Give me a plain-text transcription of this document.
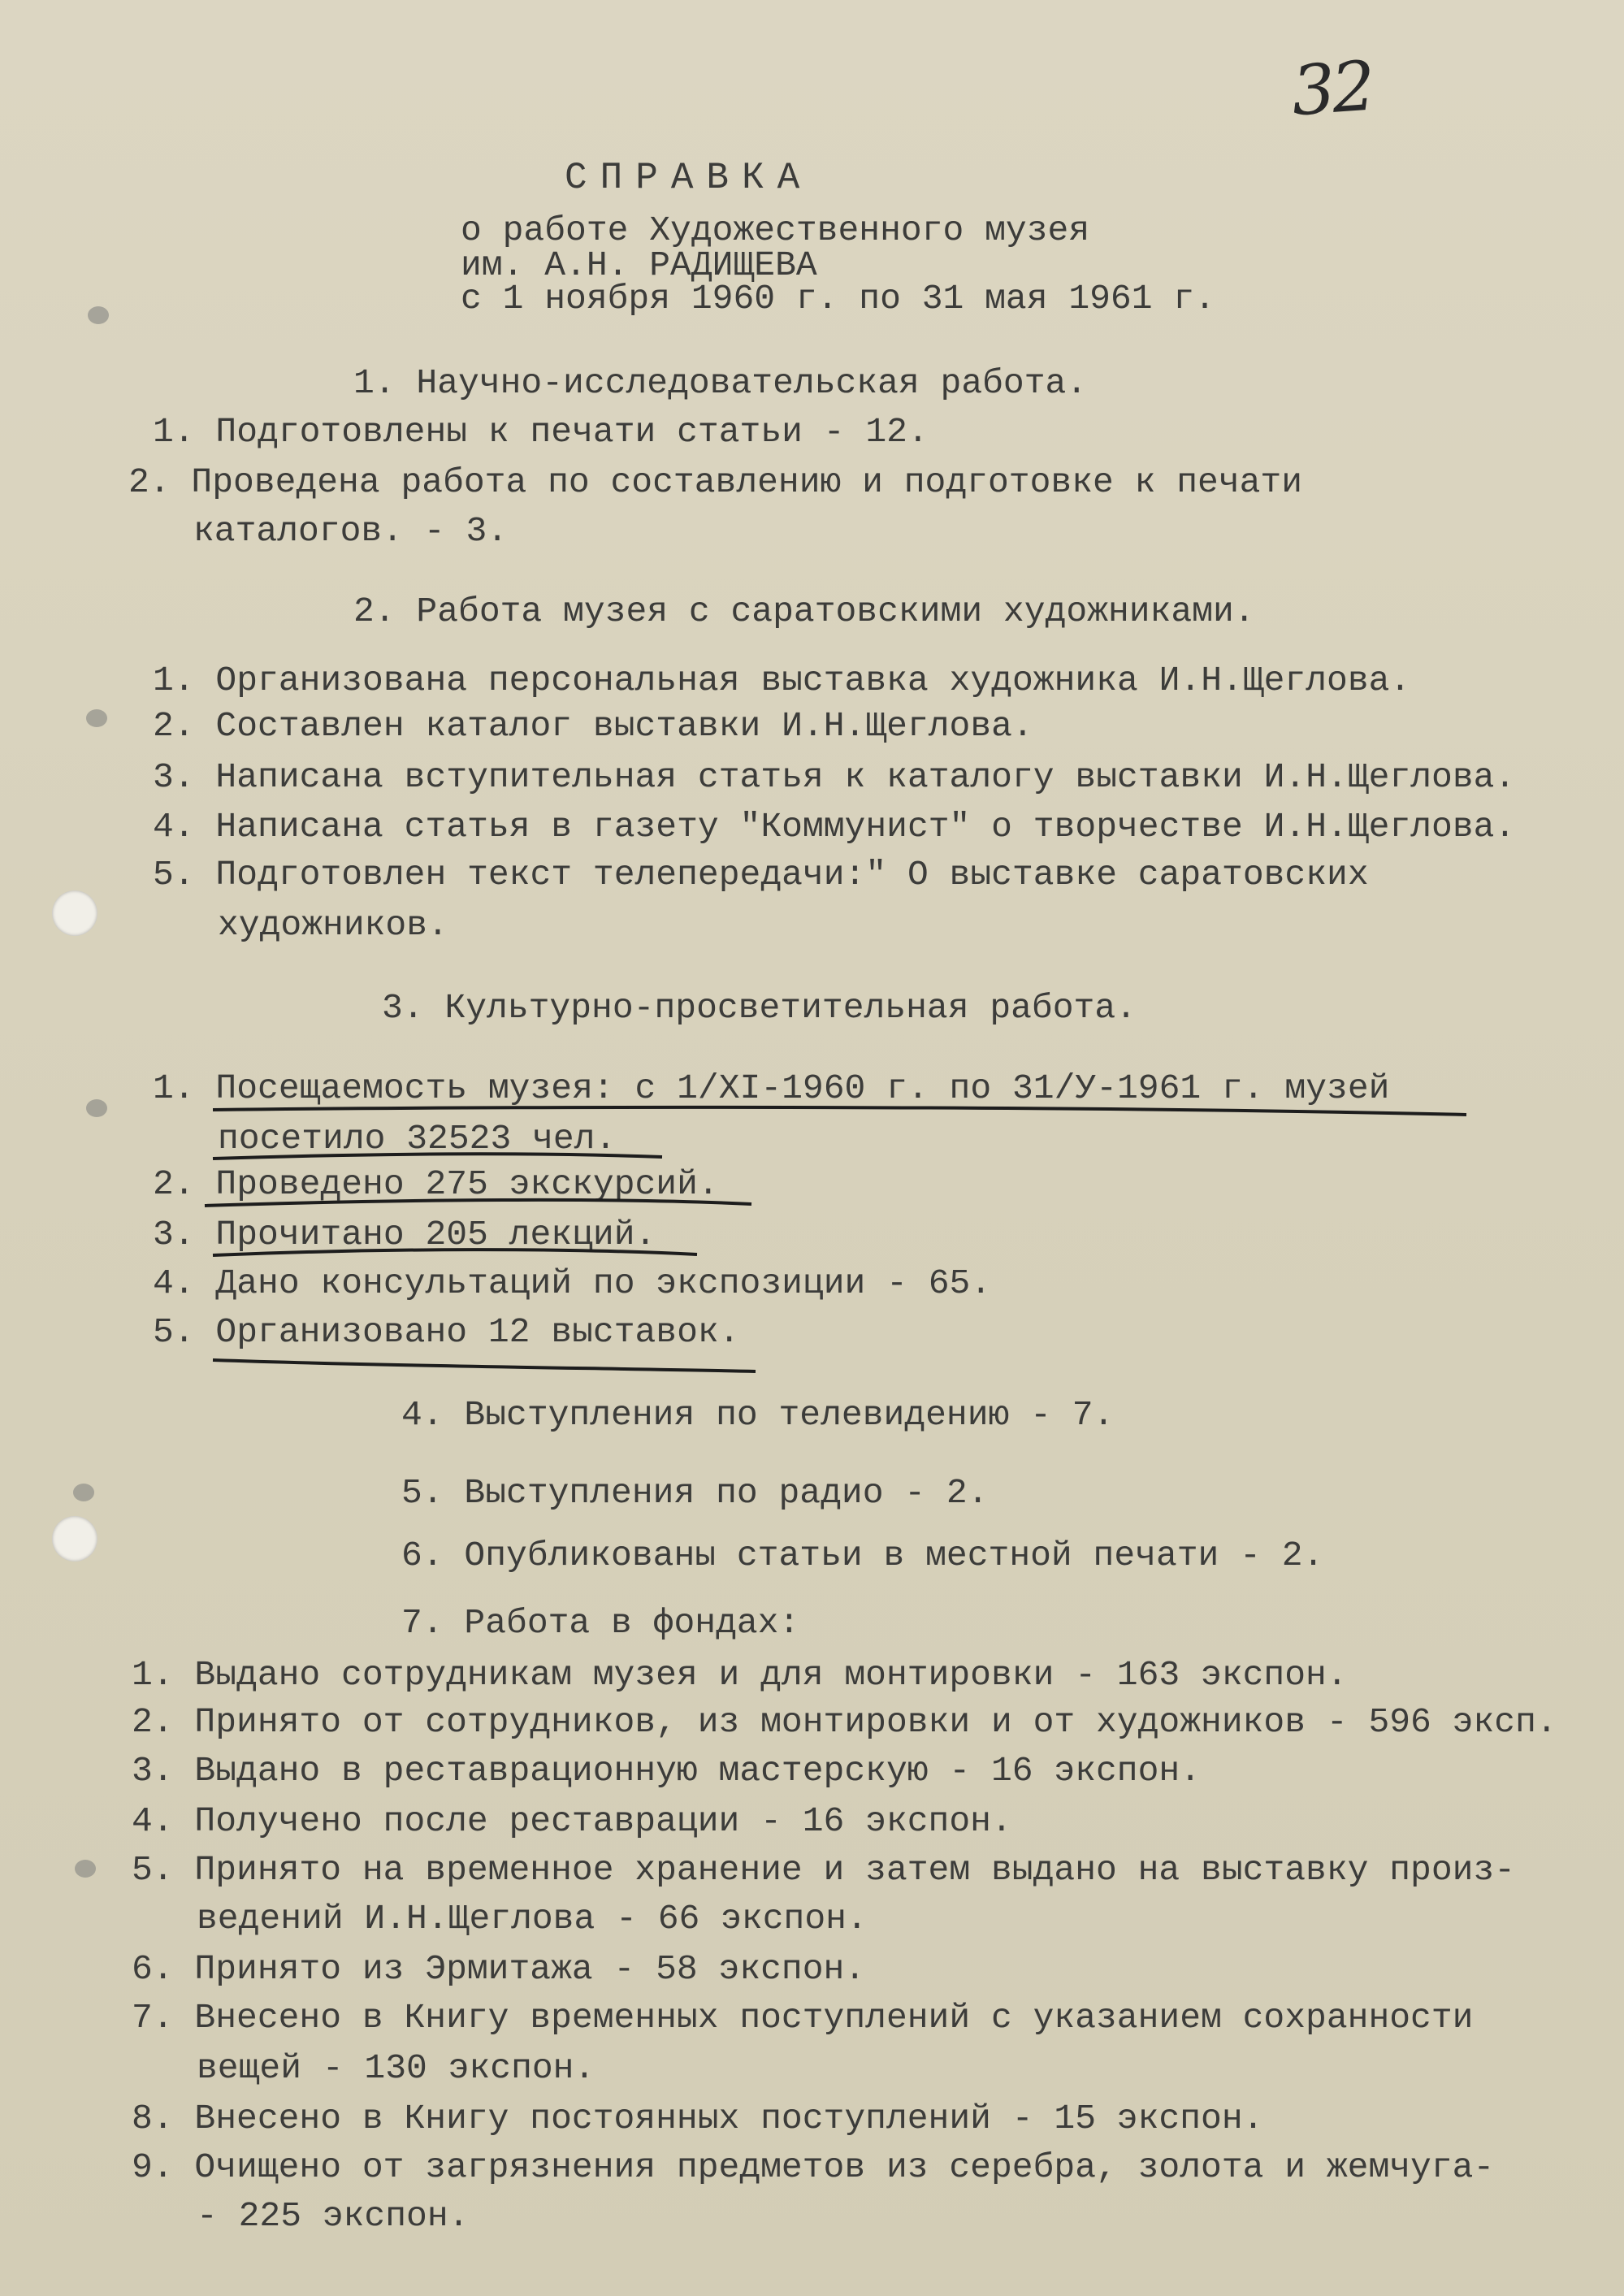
32
СПРАВКА
о работе Художественного музея
им. А.Н. РАДИЩЕВА
с 1 ноября 1960 г. по 31 мая 1961 г.
1. Научно-исследовательская работа.
1. Подготовлены к печати статьи - 12.
2. Проведена работа по составлению и подготовке к печати
каталогов. - 3.
2. Работа музея с саратовскими художниками.
1. Организована персональная выставка художника И.Н.Щеглова.
2. Составлен каталог выставки И.Н.Щеглова.
3. Написана вступительная статья к каталогу выставки И.Н.Щеглова.
4. Написана статья в газету "Коммунист" о творчестве И.Н.Щеглова.
5. Подготовлен текст телепередачи:" О выставке саратовских
художников.
3. Культурно-просветительная работа.
1. Посещаемость музея: с 1/XI-1960 г. по 31/У-1961 г. музей
посетило 32523 чел.
2. Проведено 275 экскурсий.
3. Прочитано 205 лекций.
4. Дано консультаций по экспозиции - 65.
5. Организовано 12 выставок.
4. Выступления по телевидению - 7.
5. Выступления по радио - 2.
6. Опубликованы статьи в местной печати - 2.
7. Работа в фондах:
1. Выдано сотрудникам музея и для монтировки - 163 экспон.
2. Принято от сотрудников, из монтировки и от художников - 596 эксп.
3. Выдано в реставрационную мастерскую - 16 экспон.
4. Получено после реставрации - 16 экспон.
5. Принято на временное хранение и затем выдано на выставку произ-
ведений И.Н.Щеглова - 66 экспон.
6. Принято из Эрмитажа - 58 экспон.
7. Внесено в Книгу временных поступлений с указанием сохранности
вещей - 130 экспон.
8. Внесено в Книгу постоянных поступлений - 15 экспон.
9. Очищено от загрязнения предметов из серебра, золота и жемчуга-
- 225 экспон.
